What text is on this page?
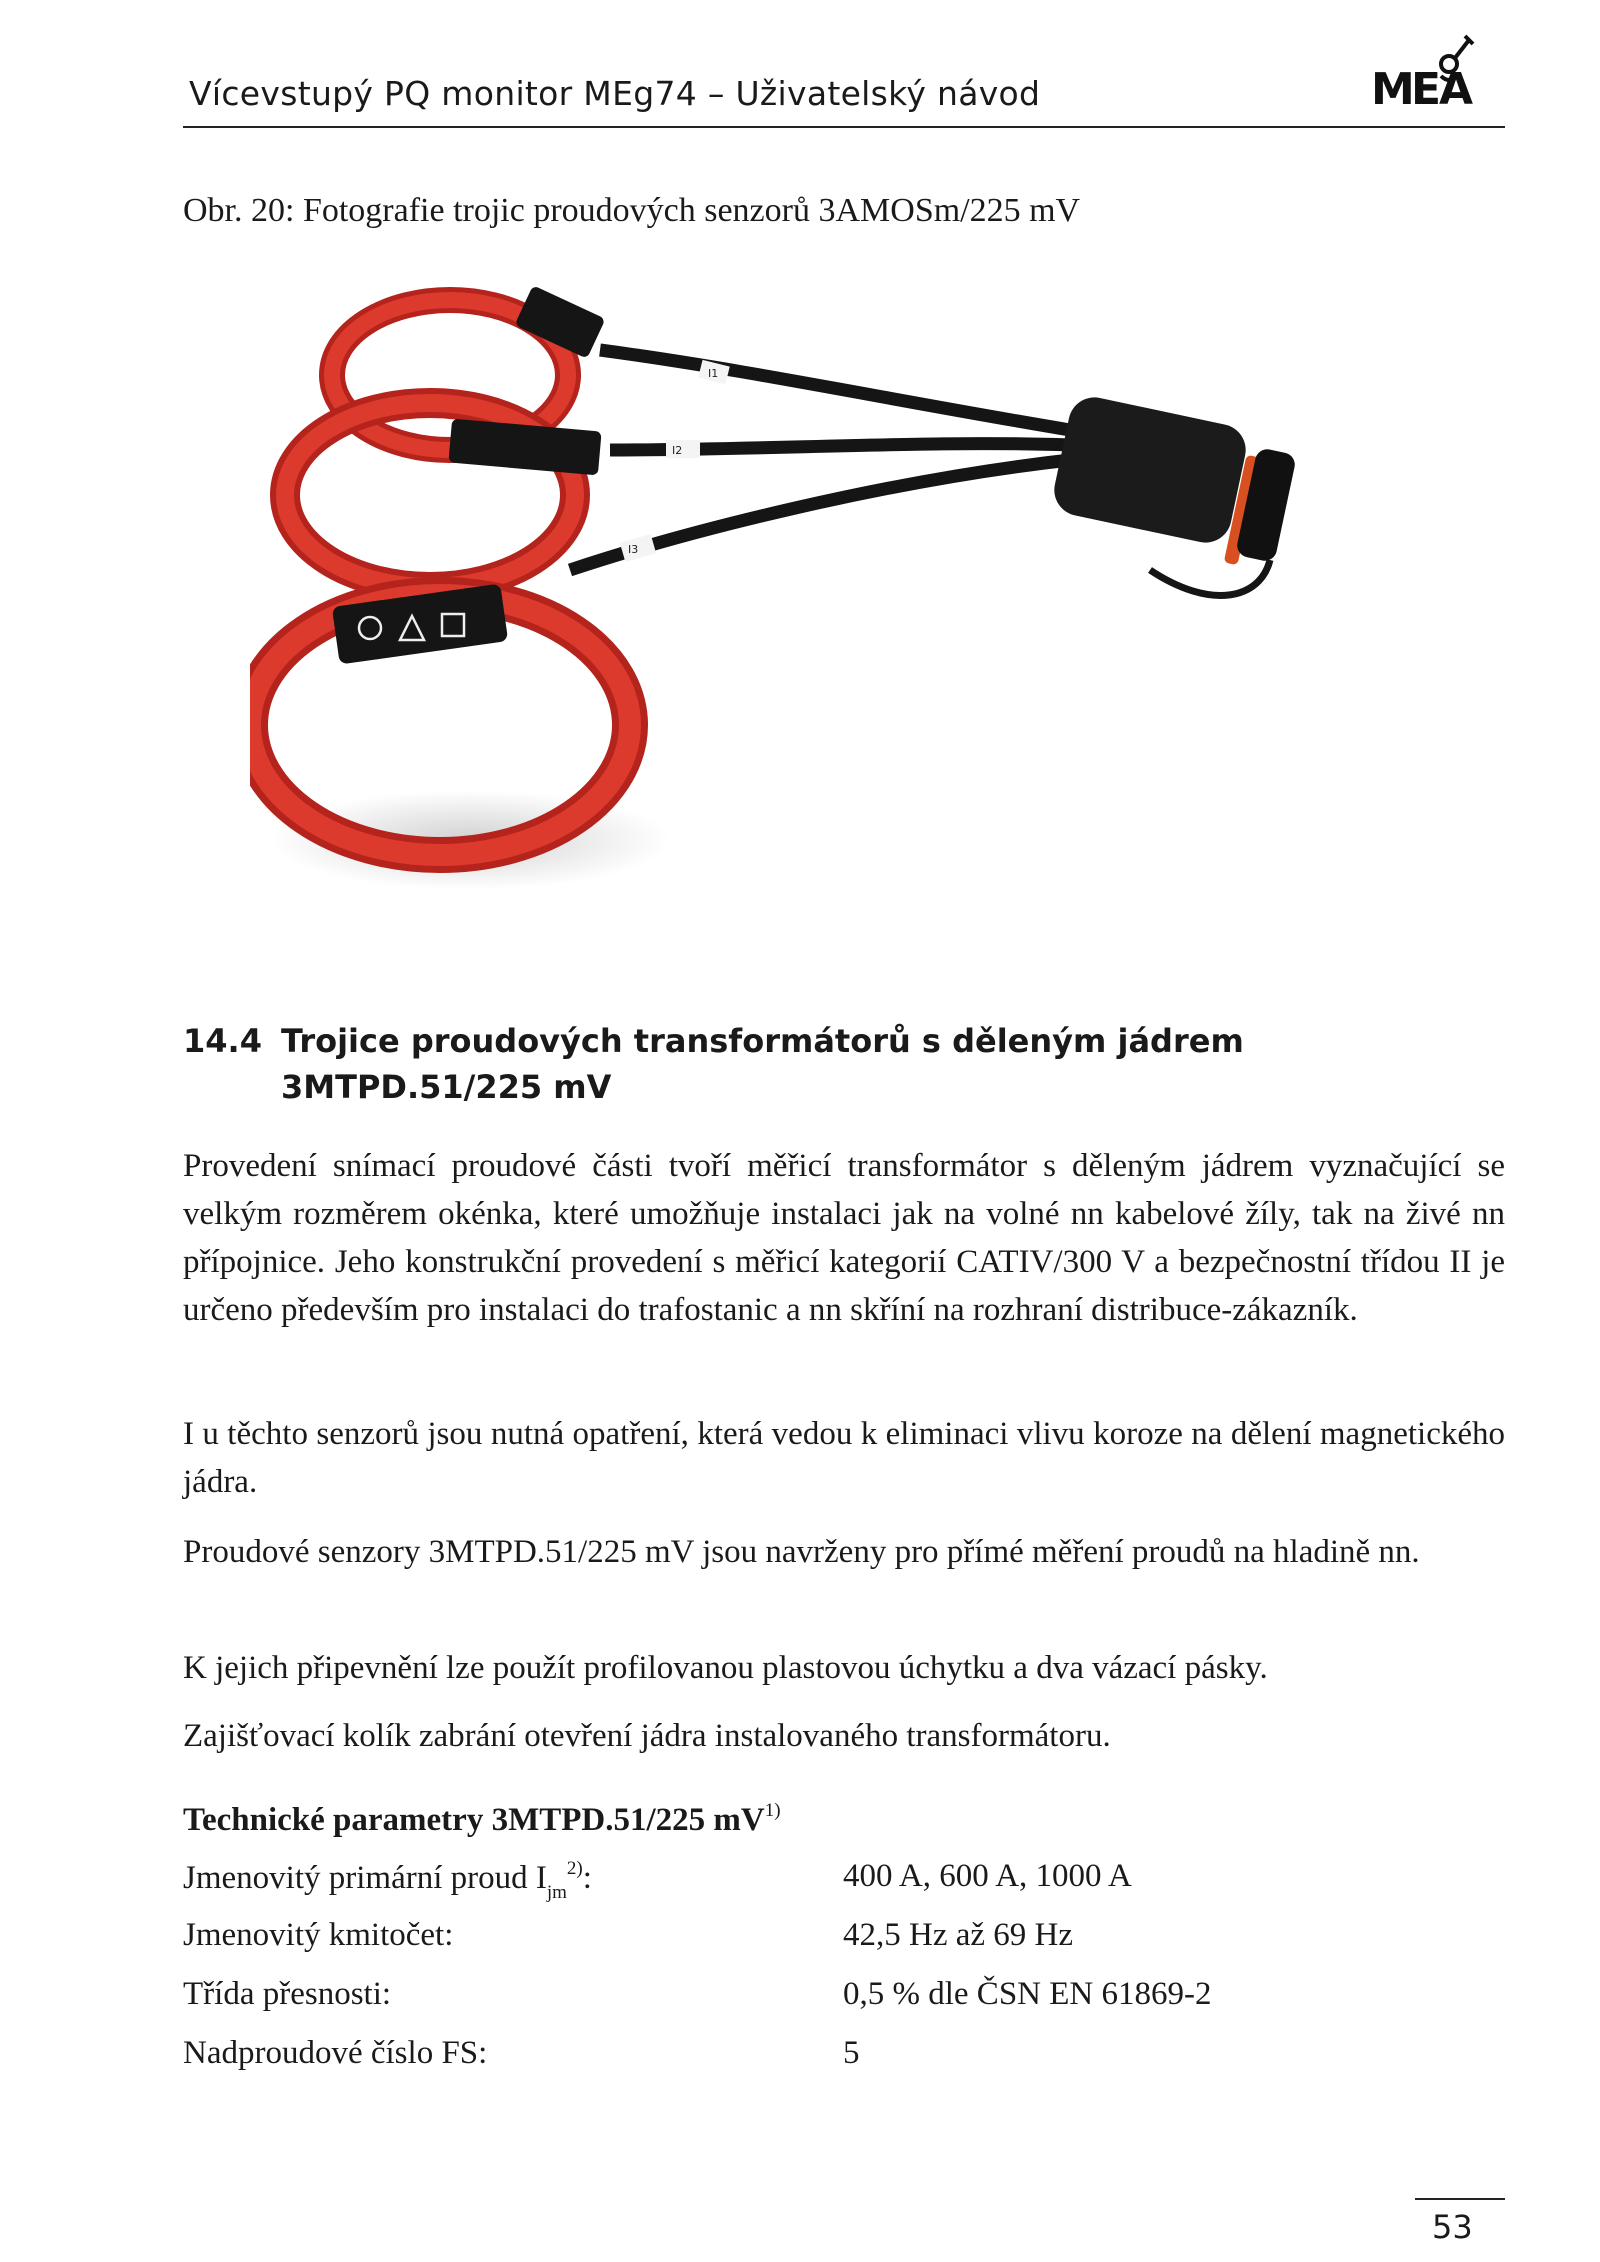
Vícevstupý PQ monitor MEg74 – Uživatelský návod	M
E
A
Obr. 20: Fotografie trojic proudových senzorů 3AMOSm/225 mV
I1
I2
I3
14.4 Trojice proudových transformátorů s děleným jádrem
3MTPD.51/225 mV

Provedení snímací proudové části tvoří měřicí transformátor s děleným jádrem vyznačující se velkým rozměrem okénka, které umožňuje instalaci jak na volné nn kabelové žíly, tak na živé nn přípojnice. Jeho konstrukční provedení s měřicí kategorií CATIV/300 V a bezpečnostní třídou II je určeno především pro instalaci do trafostanic a nn skříní na rozhraní distribuce-zákazník.

I u těchto senzorů jsou nutná opatření, která vedou k eliminaci vlivu koroze na dělení magnetického jádra.

Proudové senzory 3MTPD.51/225 mV jsou navrženy pro přímé měření proudů na hladině nn.

K jejich připevnění lze použít profilovanou plastovou úchytku a dva vázací pásky.

Zajišťovací kolík zabrání otevření jádra instalovaného transformátoru.

Technické parametry 3MTPD.51/225 $mV^{1)}$
Jmenovitý primární proud $I_{jm}^{2)}$:	400 A, 600 A, 1000 A
Jmenovitý kmitočet:	42,5 Hz až 69 Hz
Třída přesnosti:	0,5 % dle ČSN EN 61869-2
Nadproudové číslo FS:	5
53
